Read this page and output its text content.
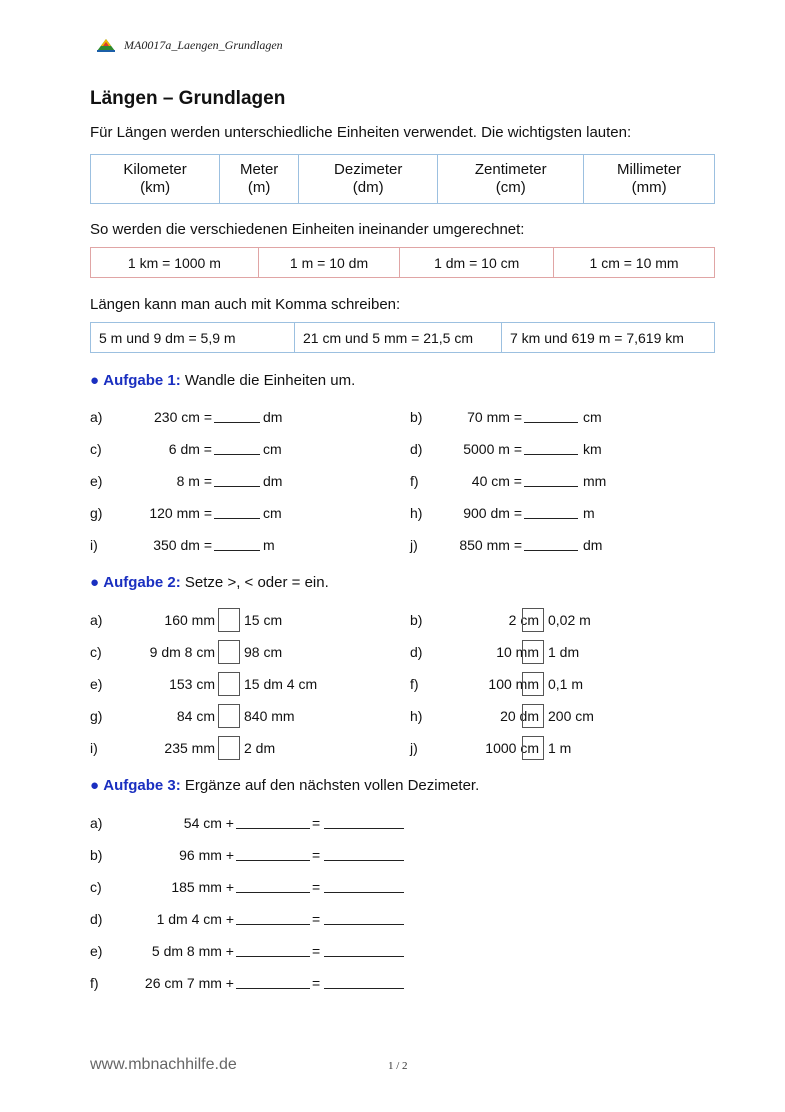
MA0017a_Laengen_Grundlagen
Längen – Grundlagen

Für Längen werden unterschiedliche Einheiten verwendet. Die wichtigsten lauten:

Kilometer
(km)	Meter
(m)	Dezimeter
(dm)	Zentimeter
(cm)	Millimeter
(mm)

So werden die verschiedenen Einheiten ineinander umgerechnet:

1 km = 1000 m	1 m = 10 dm	1 dm = 10 cm	1 cm = 10 mm

Längen kann man auch mit Komma schreiben:

5 m und 9 dm = 5,9 m	21 cm und 5 mm = 21,5 cm	7 km und 619 m = 7,619 km

● Aufgabe 1: Wandle die Einheiten um.

a)	230 cm =	dm	b)	70 mm =	cm
c)	6 dm =	cm	d)	5000 m =	km
e)	8 m =	dm	f)	40 cm =	mm
g)	120 mm =	cm	h)	900 dm =	m
i)	350 dm =	m	j)	850 mm =	dm

● Aufgabe 2: Setze >, < oder = ein.

a)	160 mm 15 cm	b)	2 cm 0,02 m
c)	9 dm 8 cm 98 cm	d)	10 mm 1 dm
e)	153 cm 15 dm 4 cm	f)	100 mm 0,1 m
g)	84 cm 840 mm	h)	20 dm 200 cm
i)	235 mm 2 dm	j)	1000 cm 1 m

● Aufgabe 3: Ergänze auf den nächsten vollen Dezimeter.

a)	54 cm +	=
b)	96 mm +	=
c)	185 mm +	=
d)	1 dm 4 cm +	=
e)	5 dm 8 mm +	=
f)	26 cm 7 mm +	=
www.mbnachhilfe.de	1 / 2
